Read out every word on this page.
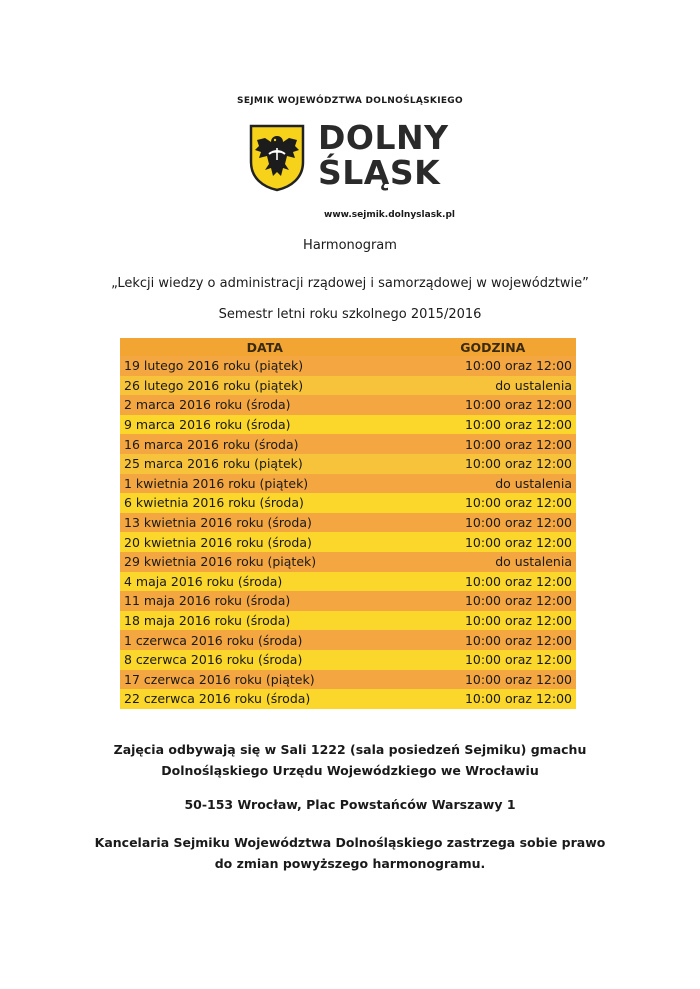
SEJMIK WOJEWÓDZTWA DOLNOŚLĄSKIEGO
DOLNY
ŚLĄSK
www.sejmik.dolnyslask.pl
Harmonogram
„Lekcji wiedzy o administracji rządowej i samorządowej w województwie”
Semestr letni roku szkolnego 2015/2016
DATA	GODZINA
19 lutego 2016 roku (piątek)	10:00 oraz 12:00
26 lutego 2016 roku (piątek)	do ustalenia
2 marca 2016 roku (środa)	10:00 oraz 12:00
9 marca 2016 roku (środa)	10:00 oraz 12:00
16 marca 2016 roku (środa)	10:00 oraz 12:00
25 marca 2016 roku (piątek)	10:00 oraz 12:00
1 kwietnia 2016 roku (piątek)	do ustalenia
6 kwietnia 2016 roku (środa)	10:00 oraz 12:00
13 kwietnia 2016 roku (środa)	10:00 oraz 12:00
20 kwietnia 2016 roku (środa)	10:00 oraz 12:00
29 kwietnia 2016 roku (piątek)	do ustalenia
4 maja 2016 roku (środa)	10:00 oraz 12:00
11 maja 2016 roku (środa)	10:00 oraz 12:00
18 maja 2016 roku (środa)	10:00 oraz 12:00
1 czerwca 2016 roku (środa)	10:00 oraz 12:00
8 czerwca 2016 roku (środa)	10:00 oraz 12:00
17 czerwca 2016 roku (piątek)	10:00 oraz 12:00
22 czerwca 2016 roku (środa)	10:00 oraz 12:00
Zajęcia odbywają się w Sali 1222 (sala posiedzeń Sejmiku) gmachu
Dolnośląskiego Urzędu Wojewódzkiego we Wrocławiu
50-153 Wrocław, Plac Powstańców Warszawy 1
Kancelaria Sejmiku Województwa Dolnośląskiego zastrzega sobie prawo
do zmian powyższego harmonogramu.
